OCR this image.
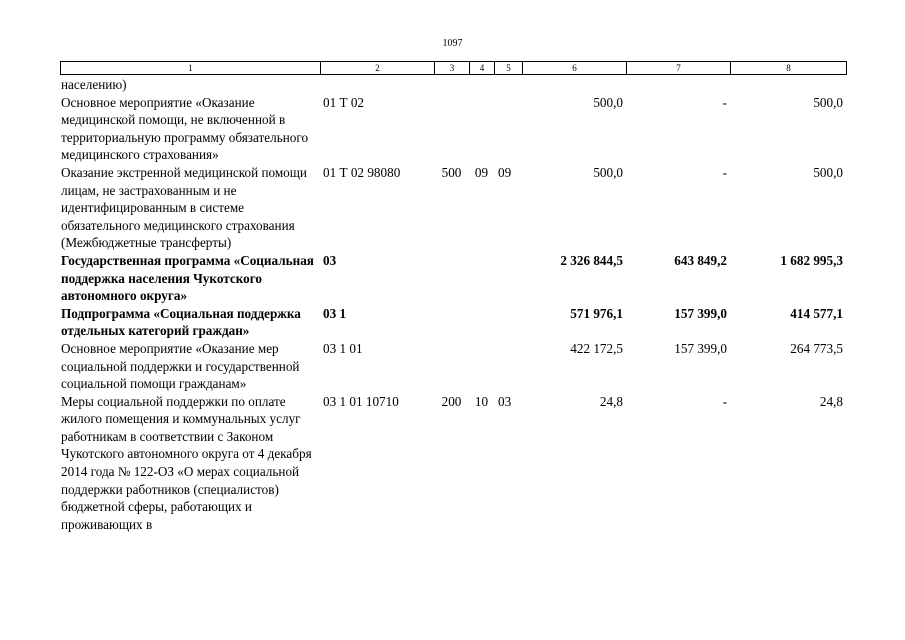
1097
1	2	3	4	5	6	7	8
населению)							
Основное мероприятие «Оказание медицинской помощи, не включенной в территориальную программу обязательного медицинского страхования»	01 Т 02				500,0	-	500,0
Оказание экстренной медицинской помощи лицам, не застрахованным и не идентифицированным в системе обязательного медицинского страхования (Межбюджетные трансферты)	01 Т 02 98080	500	09	09	500,0	-	500,0
Государственная программа «Социальная поддержка населения Чукотского автономного округа»	03				2 326 844,5	643 849,2	1 682 995,3
Подпрограмма «Социальная поддержка отдельных категорий граждан»	03 1				571 976,1	157 399,0	414 577,1
Основное мероприятие «Оказание мер социальной поддержки и государственной социальной помощи гражданам»	03 1 01				422 172,5	157 399,0	264 773,5
Меры социальной поддержки по оплате жилого помещения и коммунальных услуг работникам в соответствии с Законом Чукотского автономного округа от 4 декабря 2014 года № 122-ОЗ «О мерах социальной поддержки работников (специалистов) бюджетной сферы, работающих и проживающих в	03 1 01 10710	200	10	03	24,8	-	24,8
